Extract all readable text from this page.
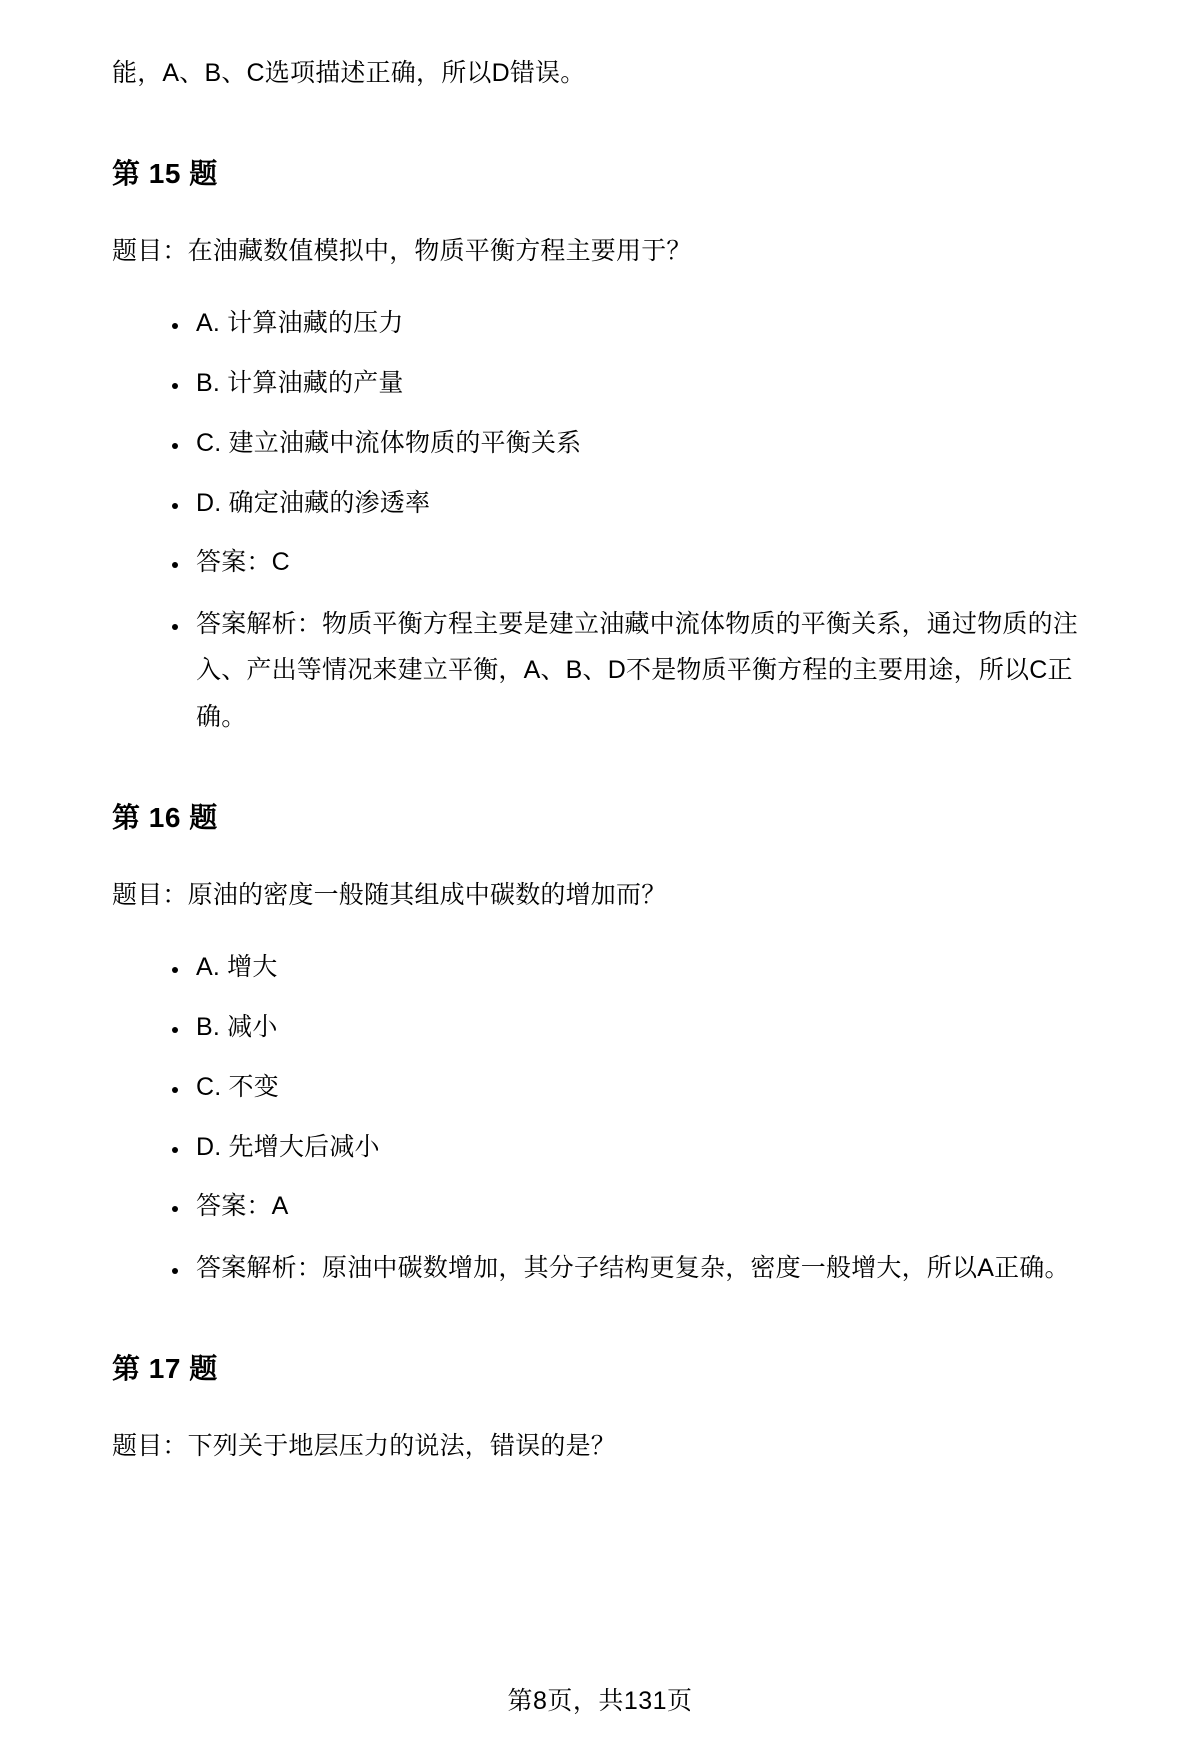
能，A、B、C选项描述正确，所以D错误。

第 15 题

题目：在油藏数值模拟中，物质平衡方程主要用于？

• A. 计算油藏的压力
• B. 计算油藏的产量
• C. 建立油藏中流体物质的平衡关系
• D. 确定油藏的渗透率
• 答案：C
• 答案解析：物质平衡方程主要是建立油藏中流体物质的平衡关系，通过物质的注入、产出等情况来建立平衡，A、B、D不是物质平衡方程的主要用途，所以C正确。
第 16 题

题目：原油的密度一般随其组成中碳数的增加而？

• A. 增大
• B. 减小
• C. 不变
• D. 先增大后减小
• 答案：A
• 答案解析：原油中碳数增加，其分子结构更复杂，密度一般增大，所以A正确。
第 17 题

题目：下列关于地层压力的说法，错误的是？

第8页，共131页
